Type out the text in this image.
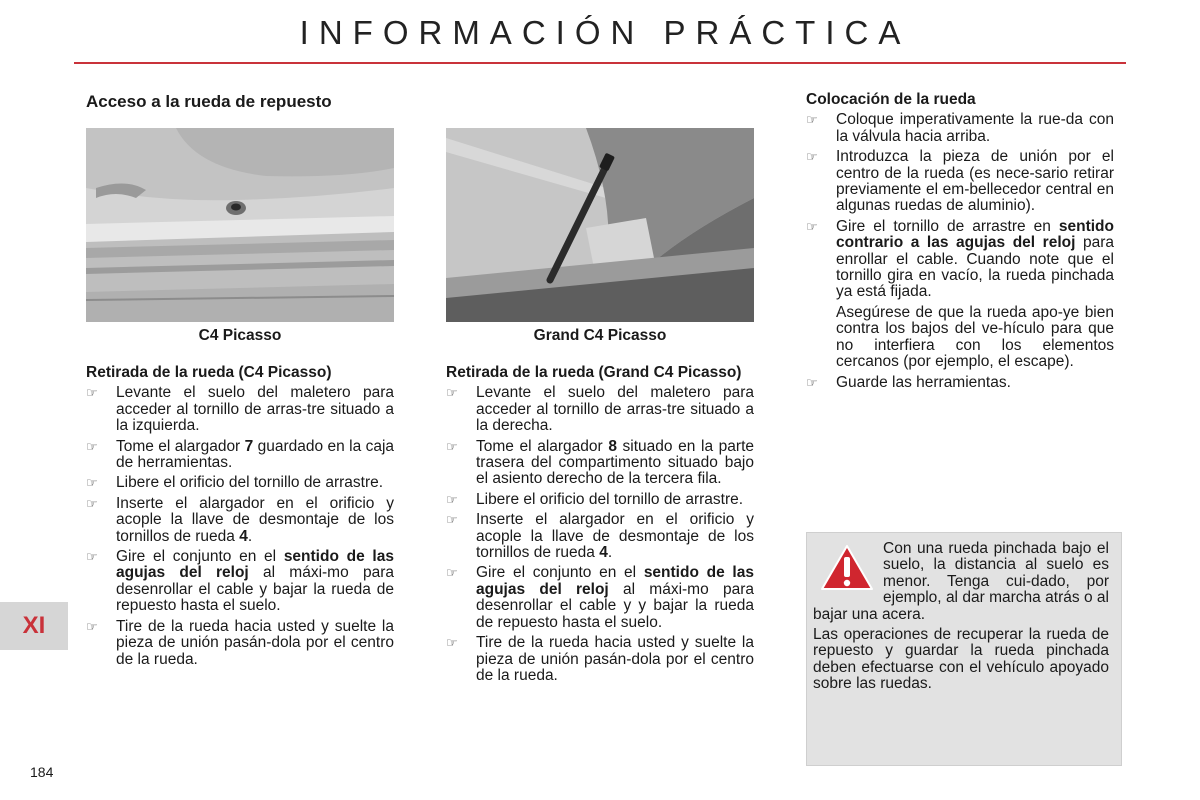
INFORMACIÓN PRÁCTICA
Acceso a la rueda de repuesto
C4 Picasso	Grand C4 Picasso
Retirada de la rueda (C4 Picasso)
☞ Levante el suelo del maletero para acceder al tornillo de arras-tre situado a la izquierda.

☞ Tome el alargador 7 guardado en la caja de herramientas.

☞ Libere el orificio del tornillo de arrastre.

☞ Inserte el alargador en el orificio y acople la llave de desmontaje de los tornillos de rueda 4.

☞ Gire el conjunto en el sentido de las agujas del reloj al máxi-mo para desenrollar el cable y bajar la rueda de repuesto hasta el suelo.

☞ Tire de la rueda hacia usted y suelte la pieza de unión pasán-dola por el centro de la rueda.

Retirada de la rueda (Grand C4 Picasso)
☞ Levante el suelo del maletero para acceder al tornillo de arras-tre situado a la derecha.

☞ Tome el alargador 8 situado en la parte trasera del compartimento situado bajo el asiento derecho de la tercera fila.

☞ Libere el orificio del tornillo de arrastre.

☞ Inserte el alargador en el orificio y acople la llave de desmontaje de los tornillos de rueda 4.

☞ Gire el conjunto en el sentido de las agujas del reloj al máxi-mo para desenrollar el cable y y bajar la rueda de repuesto hasta el suelo.

☞ Tire de la rueda hacia usted y suelte la pieza de unión pasán-dola por el centro de la rueda.

Colocación de la rueda
☞ Coloque imperativamente la rue-da con la válvula hacia arriba.

☞ Introduzca la pieza de unión por el centro de la rueda (es nece-sario retirar previamente el em-bellecedor central en algunas ruedas de aluminio).

☞ Gire el tornillo de arrastre en sentido contrario a las agujas del reloj para enrollar el cable. Cuando note que el tornillo gira en vacío, la rueda pinchada ya está fijada.

Asegúrese de que la rueda apo-ye bien contra los bajos del ve-hículo para que no interfiera con los elementos cercanos (por ejemplo, el escape).

☞ Guarde las herramientas.

Con una rueda pinchada bajo el suelo, la distancia al suelo es menor. Tenga cui-dado, por ejemplo, al dar marcha atrás o al bajar una acera.

Las operaciones de recuperar la rueda de repuesto y guardar la rueda pinchada deben efectuarse con el vehículo apoyado sobre las ruedas.

XI
184
